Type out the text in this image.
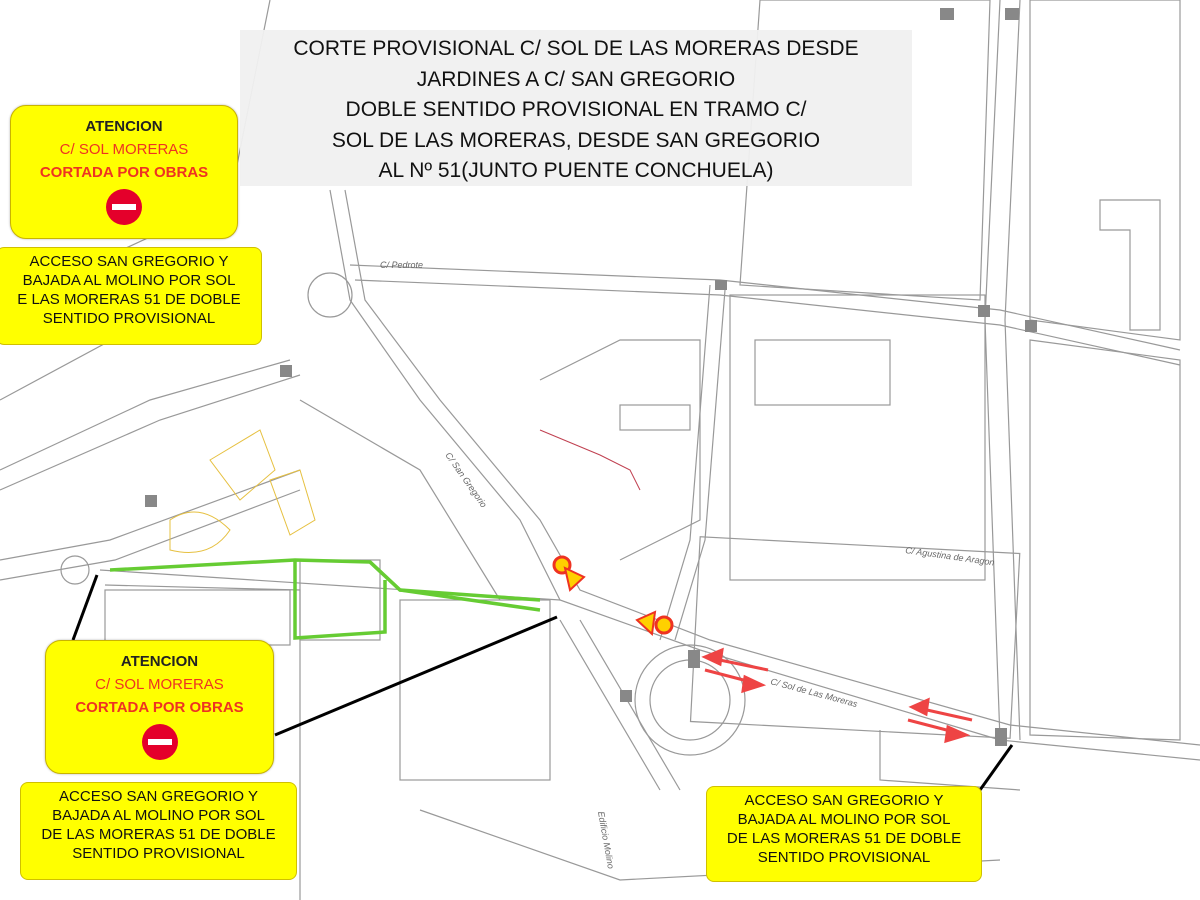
C/ Pedrote
C/ Agustina de Aragon
C/ Sol de Las Moreras
Edificio Molino
C/ San Gregorio
CORTE PROVISIONAL C/ SOL DE LAS MORERAS DESDE
JARDINES A C/ SAN GREGORIO
DOBLE SENTIDO PROVISIONAL EN TRAMO C/
SOL DE LAS MORERAS, DESDE SAN GREGORIO
AL Nº 51(JUNTO PUENTE CONCHUELA)
ATENCION
C/ SOL MORERAS
CORTADA POR OBRAS
ACCESO SAN GREGORIO Y
BAJADA AL MOLINO POR SOL
E LAS MORERAS 51 DE DOBLE
SENTIDO PROVISIONAL
ATENCION
C/ SOL MORERAS
CORTADA POR OBRAS
ACCESO SAN GREGORIO Y
BAJADA AL MOLINO POR SOL
DE LAS MORERAS 51 DE DOBLE
SENTIDO PROVISIONAL
ACCESO SAN GREGORIO Y
BAJADA AL MOLINO POR SOL
DE LAS MORERAS 51 DE DOBLE
SENTIDO PROVISIONAL
